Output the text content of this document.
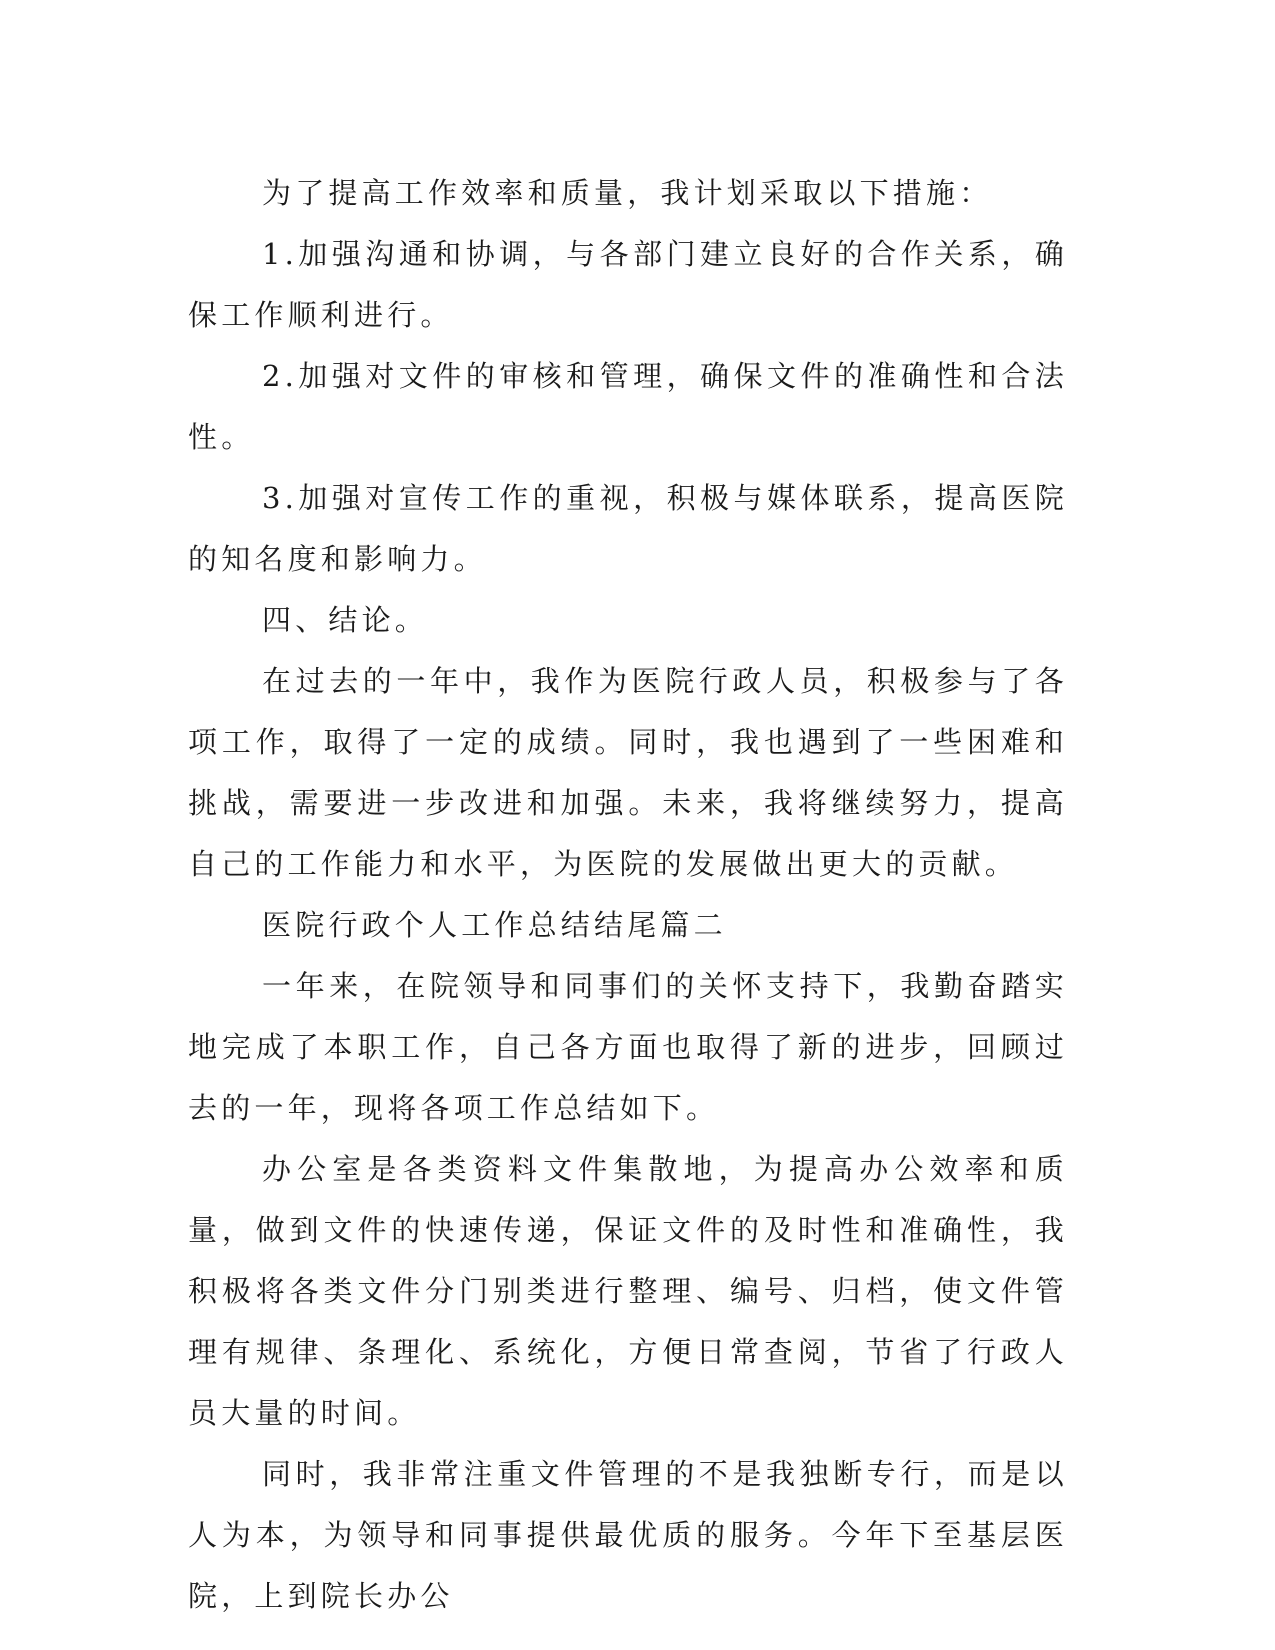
为了提高工作效率和质量，我计划采取以下措施：

1.加强沟通和协调，与各部门建立良好的合作关系，确保工作顺利进行。

2.加强对文件的审核和管理，确保文件的准确性和合法性。

3.加强对宣传工作的重视，积极与媒体联系，提高医院的知名度和影响力。

四、结论。

在过去的一年中，我作为医院行政人员，积极参与了各项工作，取得了一定的成绩。同时，我也遇到了一些困难和挑战，需要进一步改进和加强。未来，我将继续努力，提高自己的工作能力和水平，为医院的发展做出更大的贡献。

医院行政个人工作总结结尾篇二

一年来，在院领导和同事们的关怀支持下，我勤奋踏实地完成了本职工作，自己各方面也取得了新的进步，回顾过去的一年，现将各项工作总结如下。

办公室是各类资料文件集散地，为提高办公效率和质量，做到文件的快速传递，保证文件的及时性和准确性，我积极将各类文件分门别类进行整理、编号、归档，使文件管理有规律、条理化、系统化，方便日常查阅，节省了行政人员大量的时间。

同时，我非常注重文件管理的不是我独断专行，而是以人为本，为领导和同事提供最优质的服务。今年下至基层医院，上到院长办公
